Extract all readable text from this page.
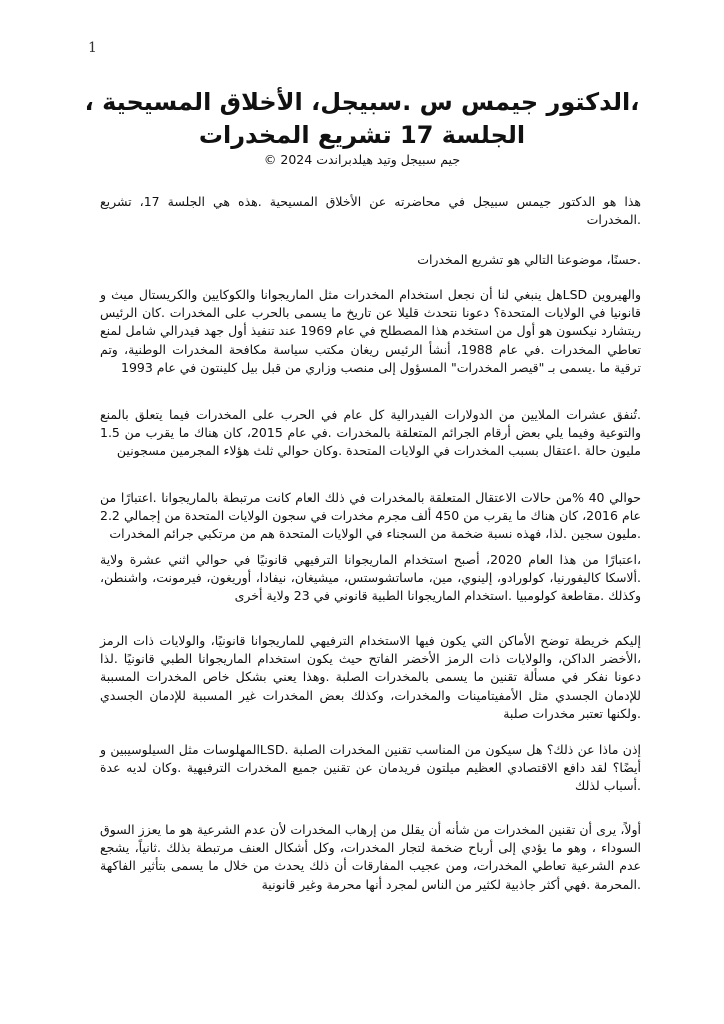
1
،الدكتور جيمس س .سبيجل، الأخلاق المسيحية ، الجلسة 17 تشريع المخدرات

جيم سبيجل وتيد هيلدبراندت 2024 ©

هذا هو الدكتور جيمس سبيجل في محاضرته عن الأخلاق المسيحية .هذه هي الجلسة 17، تشريع .المخدرات

.حسنًا، موضوعنا التالي هو تشريع المخدرات

والهيروين LSDهل ينبغي لنا أن نجعل استخدام المخدرات مثل الماريجوانا والكوكايين والكريستال ميث و قانونيا في الولايات المتحدة؟ دعونا نتحدث قليلا عن تاريخ ما يسمى بالحرب على المخدرات .كان الرئيس ريتشارد نيكسون هو أول من استخدم هذا المصطلح في عام 1969 عند تنفيذ أول جهد فيدرالي شامل لمنع تعاطي المخدرات .في عام 1988، أنشأ الرئيس ريغان مكتب سياسة مكافحة المخدرات الوطنية، وتم ترقية ما .يسمى بـ "قيصر المخدرات" المسؤول إلى منصب وزاري من قبل بيل كلينتون في عام 1993

.تُنفق عشرات الملايين من الدولارات الفيدرالية كل عام في الحرب على المخدرات فيما يتعلق بالمنع والتوعية وفيما يلي بعض أرقام الجرائم المتعلقة بالمخدرات .في عام 2015، كان هناك ما يقرب من 1.5 مليون حالة .اعتقال بسبب المخدرات في الولايات المتحدة .وكان حوالي ثلث هؤلاء المجرمين مسجونين

حوالي 40 %من حالات الاعتقال المتعلقة بالمخدرات في ذلك العام كانت مرتبطة بالماريجوانا .اعتبارًا من عام 2016، كان هناك ما يقرب من 450 ألف مجرم مخدرات في سجون الولايات المتحدة من إجمالي 2.2 .مليون سجين .لذا، فهذه نسبة ضخمة من السجناء في الولايات المتحدة هم من مرتكبي جرائم المخدرات

،اعتبارًا من هذا العام 2020، أصبح استخدام الماريجوانا الترفيهي قانونيًا في حوالي اثني عشرة ولاية .ألاسكا كاليفورنيا، كولورادو، إلينوي، مين، ماساتشوستس، ميشيغان، نيفادا، أوريغون، فيرمونت، واشنطن، وكذلك .مقاطعة كولومبيا .استخدام الماريجوانا الطبية قانوني في 23 ولاية أخرى

إليكم خريطة توضح الأماكن التي يكون فيها الاستخدام الترفيهي للماريجوانا قانونيًا، والولايات ذات الرمز ،الأخضر الداكن، والولايات ذات الرمز الأخضر الفاتح حيث يكون استخدام الماريجوانا الطبي قانونيًا .لذا دعونا نفكر في مسألة تقنين ما يسمى بالمخدرات الصلبة .وهذا يعني بشكل خاص المخدرات المسببة للإدمان الجسدي مثل الأمفيتامينات والمخدرات، وكذلك بعض المخدرات غير المسببة للإدمان الجسدي .ولكنها تعتبر مخدرات صلبة

إذن ماذا عن ذلك؟ هل سيكون من المناسب تقنين المخدرات الصلبة .LSDالمهلوسات مثل السيلوسيبين و أيضًا؟ لقد دافع الاقتصادي العظيم ميلتون فريدمان عن تقنين جميع المخدرات الترفيهية .وكان لديه عدة .أسباب لذلك

أولاً، يرى أن تقنين المخدرات من شأنه أن يقلل من إرهاب المخدرات لأن عدم الشرعية هو ما يعزز السوق السوداء ، وهو ما يؤدي إلى أرباح ضخمة لتجار المخدرات، وكل أشكال العنف مرتبطة بذلك .ثانياً، يشجع عدم الشرعية تعاطي المخدرات، ومن عجيب المفارقات أن ذلك يحدث من خلال ما يسمى بتأثير الفاكهة .المحرمة .فهي أكثر جاذبية لكثير من الناس لمجرد أنها محرمة وغير قانونية
